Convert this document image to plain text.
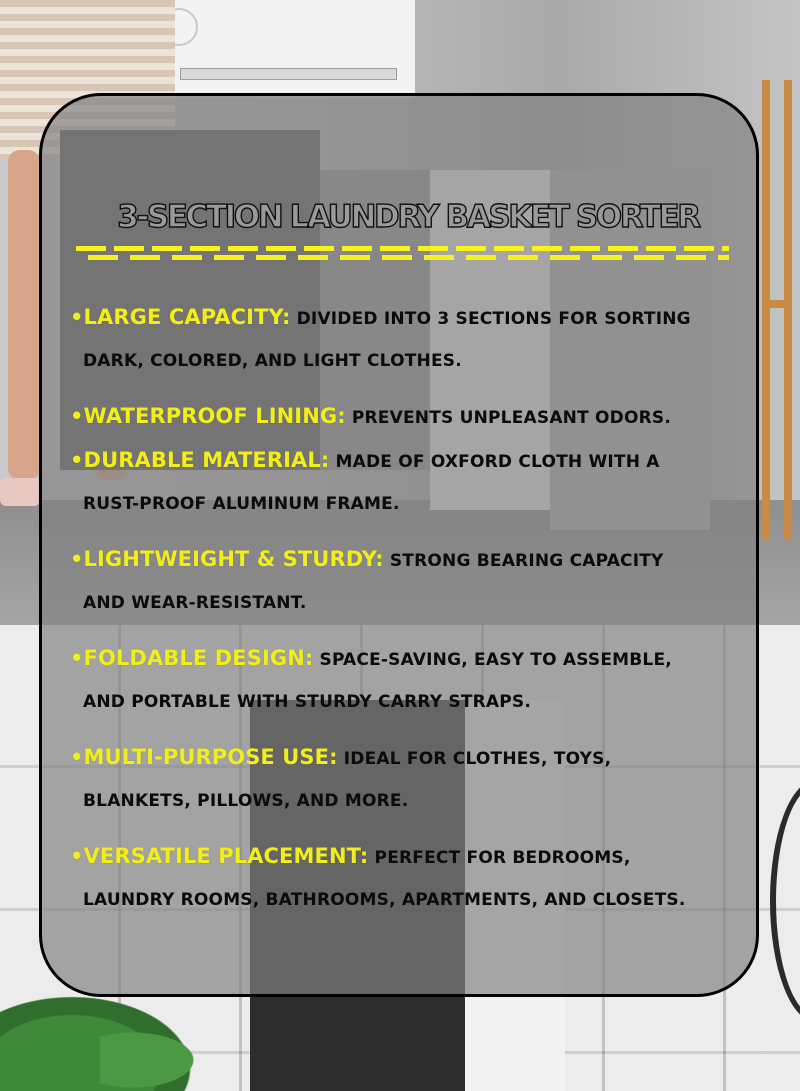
3-SECTION LAUNDRY BASKET SORTER
•LARGE CAPACITY: DIVIDED INTO 3 SECTIONS FOR SORTING
DARK, COLORED, AND LIGHT CLOTHES.
•WATERPROOF LINING: PREVENTS UNPLEASANT ODORS.
•DURABLE MATERIAL: MADE OF OXFORD CLOTH WITH A
RUST-PROOF ALUMINUM FRAME.
•LIGHTWEIGHT & STURDY: STRONG BEARING CAPACITY
AND WEAR-RESISTANT.
•FOLDABLE DESIGN: SPACE-SAVING, EASY TO ASSEMBLE,
AND PORTABLE WITH STURDY CARRY STRAPS.
•MULTI-PURPOSE USE: IDEAL FOR CLOTHES, TOYS,
BLANKETS, PILLOWS, AND MORE.
•VERSATILE PLACEMENT: PERFECT FOR BEDROOMS,
LAUNDRY ROOMS, BATHROOMS, APARTMENTS, AND CLOSETS.
